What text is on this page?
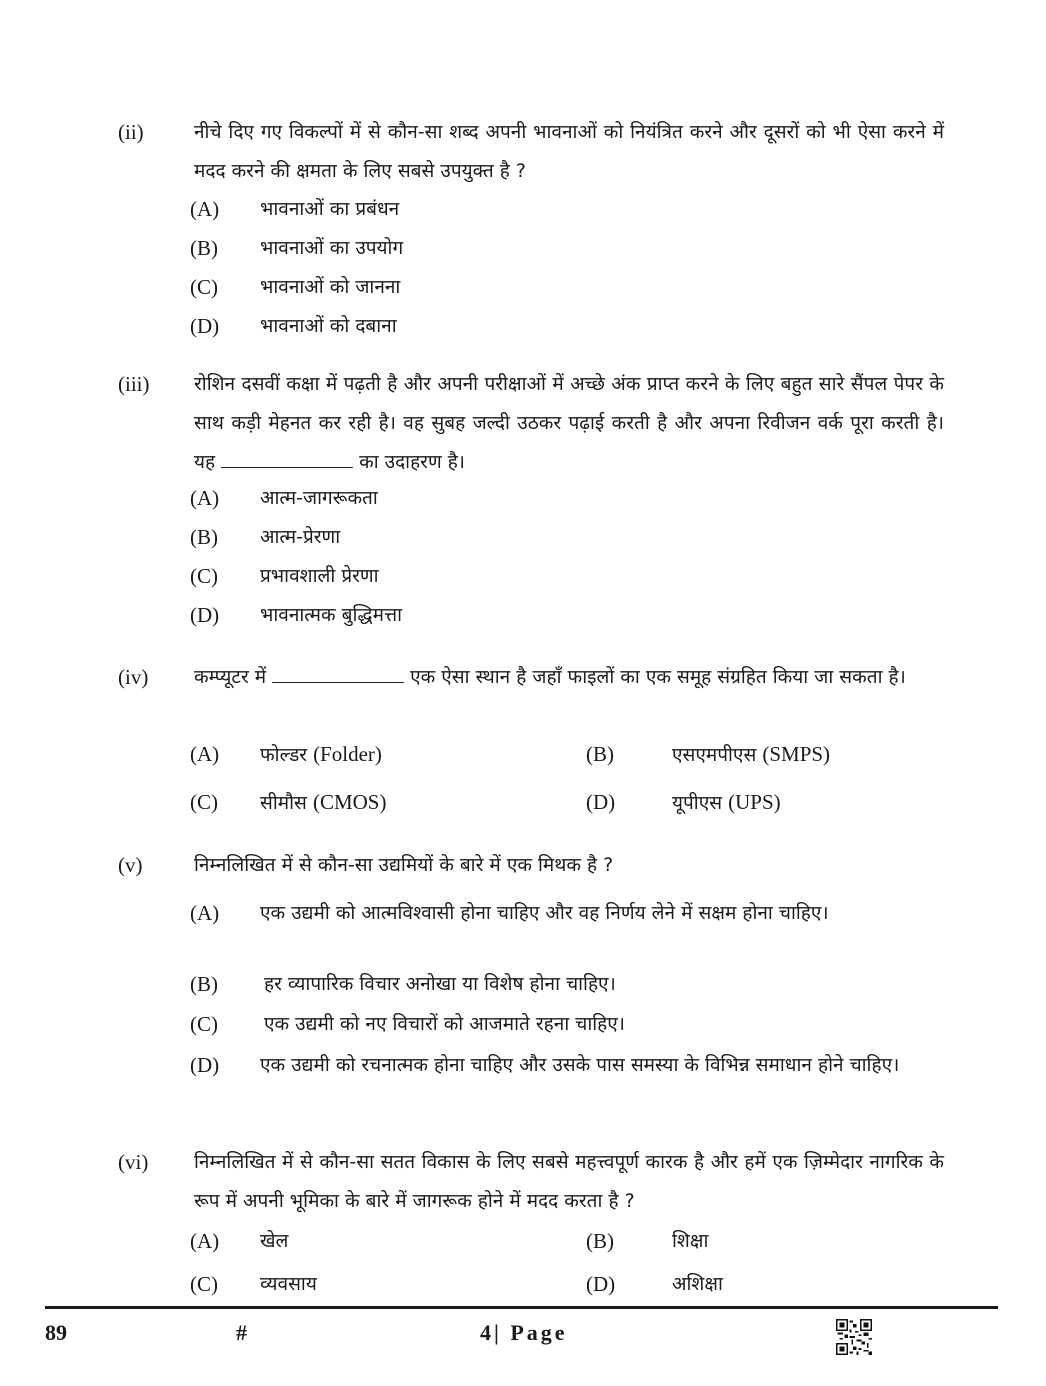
(ii)	नीचे दिए गए विकल्पों में से कौन-सा शब्द अपनी भावनाओं को नियंत्रित करने और दूसरों को भी ऐसा करने में मदद करने की क्षमता के लिए सबसे उपयुक्त है ?
(A) भावनाओं का प्रबंधन
(B) भावनाओं का उपयोग
(C) भावनाओं को जानना
(D) भावनाओं को दबाना
(iii) रोशिन दसवीं कक्षा में पढ़ती है और अपनी परीक्षाओं में अच्छे अंक प्राप्त करने के लिए बहुत सारे सैंपल पेपर के साथ कड़ी मेहनत कर रही है। वह सुबह जल्दी उठकर पढ़ाई करती है और अपना रिवीजन वर्क पूरा करती है। यह	का उदाहरण है।
(A) आत्म-जागरूकता
(B) आत्म-प्रेरणा
(C) प्रभावशाली प्रेरणा
(D) भावनात्मक बुद्धिमत्ता
(iv) कम्प्यूटर में	एक ऐसा स्थान है जहाँ फाइलों का एक समूह संग्रहित किया जा सकता है।
(A) फोल्डर (Folder)	(B)	एसएमपीएस (SMPS)
(C) सीमौस (CMOS)	(D)	यूपीएस (UPS)
(v)	निम्नलिखित में से कौन-सा उद्यमियों के बारे में एक मिथक है ?
(A) एक उद्यमी को आत्मविश्वासी होना चाहिए और वह निर्णय लेने में सक्षम होना चाहिए।
(B) हर व्यापारिक विचार अनोखा या विशेष होना चाहिए।
(C) एक उद्यमी को नए विचारों को आजमाते रहना चाहिए।
(D) एक उद्यमी को रचनात्मक होना चाहिए और उसके पास समस्या के विभिन्न समाधान होने चाहिए।
(vi) निम्नलिखित में से कौन-सा सतत विकास के लिए सबसे महत्त्वपूर्ण कारक है और हमें एक ज़िम्मेदार नागरिक के रूप में अपनी भूमिका के बारे में जागरूक होने में मदद करता है ?
(A) खेल	(B)	शिक्षा
(C) व्यवसाय	(D)	अशिक्षा
89	#	4| Page
